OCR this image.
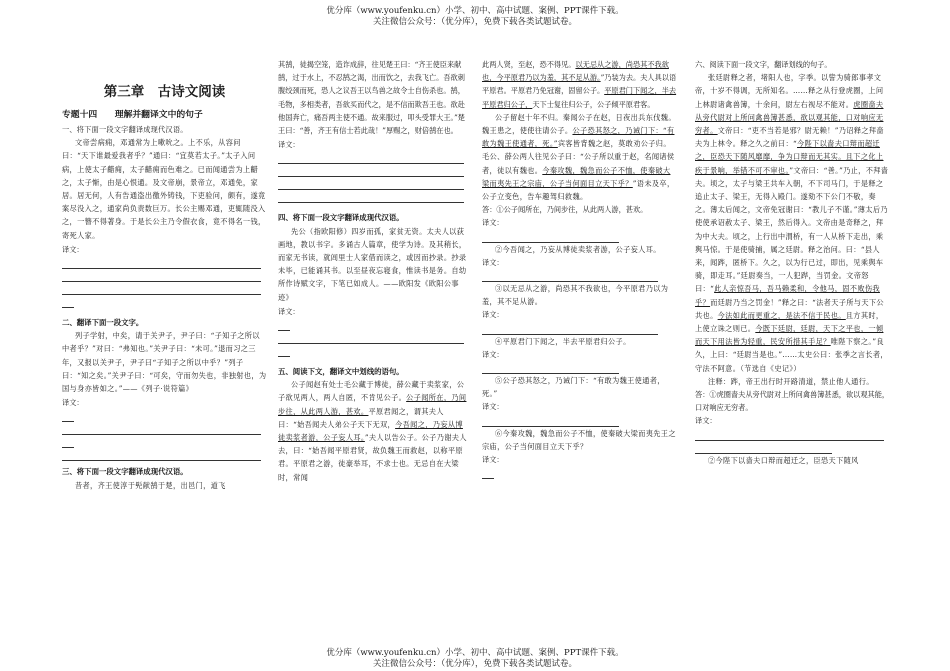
优分库（www.youfenku.cn）小学、初中、高中试题、案例、PPT课件下载。
关注微信公众号：（优分库），免费下载各类试题试卷。
第三章　古诗文阅读
专题十四　　理解并翻译文中的句子
一、将下面一段文字翻译成现代汉语。
文帝尝病痈，邓通常为上嗽吮之。上不乐，从容问曰：“天下谁最爱我者乎？”通曰：“宜莫若太子。”太子入问病，上使太子齰痈，太子齰痈而色难之。已而闻通尝为上齰之，太子惭，由是心恨通。及文帝崩，景帝立，邓通免，家居。居无何，人有告通盗出徼外铸钱，下吏验问，颇有，遂竟案尽没入之，通家尚负责数巨万。长公主赐邓通，吏辄随没入之，一簪不得著身。于是长公主乃令假衣食，竟不得名一钱，寄死人家。
译文：
二、翻译下面一段文字。
列子学射，中矣，请于关尹子，尹子曰：“子知子之所以中者乎？”对曰：“弗知也。”关尹子曰：“未可。”退而习之三年，又报以关尹子，尹子曰“子知子之所以中乎？”列子曰：“知之矣。”关尹子曰：“可矣，守而勿失也，非独射也，为国与身亦皆如之。”——《列子·说符篇》
译文：
三、将下面一段文字翻译成现代汉语。
昔者，齐王使淳于髡献鹄于楚，出邑门，道飞
其鹄，徒揭空笼，造诈成辞，往见楚王曰：“齐王使臣来献鹄，过于水上，不忍鹄之渴，出而饮之，去我飞亡。吾欲刺腹绞颈而死，恐人之议吾王以鸟兽之故令士自伤杀也。鹄，毛物，多相类者，吾欲买而代之，是不信而欺吾王也。欲赴他国奔亡，痛吾两主使不通。故来服过，叩头受罪大王。”楚王曰：“善，齐王有信士若此哉！”厚赐之，财倍鹄在也。
译文：
四、将下面一段文字翻译成现代汉语。
先公（指欧阳修）四岁而孤，家贫无资。太夫人以荻画地，教以书字。多诵古人篇章，使学为诗。及其稍长，而家无书读，就闾里士人家借而读之，或因而抄录。抄录未毕，已能诵其书。以至昼夜忘寝食，惟读书是务。自幼所作诗赋文字，下笔已如成人。——欧阳发《欧阳公事迹》
译文：
五、阅读下文，翻译文中划线的语句。
公子闻赵有处士毛公藏于博徒，薛公藏于卖浆家，公子欲见两人，两人自匿，不肯见公子。公子闻所在，乃间步往，从此两人游，甚欢。平原君闻之，谓其夫人曰：“始吾闻夫人弟公子天下无双，今吾闻之，乃妄从博徒卖浆者游，公子妄人耳。”夫人以告公子。公子乃谢夫人去，曰：“始吾闻平原君贤，故负魏王而救赵，以称平原君。平原君之游，徒豪举耳，不求士也。无忌自在大梁时，常闻
此两人贤，至赵，恐不得见。以无忌从之游，尚恐其不我欲也，今平原君乃以为羞，其不足从游。”乃装为去。夫人具以语平原君。平原君乃免冠谢，固留公子。平原君门下闻之，半去平原君归公子，天下士复往归公子，公子倾平原君客。
公子留赵十年不归。秦闻公子在赵，日夜出兵东伐魏。魏王患之，使使往请公子。公子恐其怒之，乃诫门下：“有敢为魏王使通者，死。”宾客皆背魏之赵，莫敢劝公子归。毛公、薛公两人往见公子曰：“公子所以重于赵，名闻诸侯者，徒以有魏也。今秦攻魏，魏急而公子不恤，使秦破大梁而夷先王之宗庙，公子当何面目立天下乎？”语未及卒，公子立变色，告车趣驾归救魏。
答：①公子闻所在，乃间步往，从此两人游，甚欢。
译文：
②今吾闻之，乃妄从博徒卖浆者游，公子妄人耳。
译文：
③以无忌从之游，尚恐其不我欲也，今平原君乃以为羞，其不足从游。
译文：
④平原君门下闻之，半去平原君归公子。
译文：
⑤公子恐其怒之，乃诫门下：“有敢为魏王使通者，死。”
译文：
⑥今秦攻魏，魏急而公子不恤，使秦破大梁而夷先王之宗庙，公子当何面目立天下乎？
译文：
六、阅读下面一段文字，翻译划线的句子。
张廷尉释之者，堵阳人也，字季。以訾为骑郎事孝文帝，十岁不得调，无所知名。……释之从行登虎圈，上问上林尉诸禽兽簿，十余问，尉左右视尽不能对。虎圈啬夫从旁代尉对上所问禽兽簿甚悉，欲以观其能，口对响应无穷者。文帝曰：“吏不当若是邪？尉无赖！”乃诏释之拜啬夫为上林令。释之久之前曰：“今陛下以啬夫口辩而超迁之，臣恐天下随风靡靡，争为口辩而无其实。且下之化上疾于景响，举错不可不审也。”文帝曰：“善。”乃止，不拜啬夫。顷之，太子与梁王共车入朝，不下司马门，于是释之追止太子、梁王，无得入殿门。遂劾不下公门不敬，奏之。薄太后闻之，文帝免冠谢曰：“教儿子不谨。”薄太后乃使使承诏赦太子、梁王，然后得入。文帝由是奇释之，拜为中大夫。顷之，上行出中渭桥，有一人从桥下走出，乘舆马惊。于是使骑捕，属之廷尉。释之治问。曰：“县人来，闻跸，匿桥下。久之，以为行已过，即出，见乘舆车骑，即走耳。”廷尉奏当，一人犯跸，当罚金。文帝怒曰：“此人亲惊吾马，吾马赖柔和，令他马，固不败伤我乎？而廷尉乃当之罚金！”释之曰：“法者天子所与天下公共也。今法如此而更重之，是法不信于民也。且方其时，上使立诛之则已。今既下廷尉，廷尉，天下之平也，一倾而天下用法皆为轻重，民安所措其手足？唯陛下察之。”良久，上曰：“廷尉当是也。”……太史公曰：张季之言长者，守法不阿意。（节选自《史记》）
注释：跸，帝王出行时开路清道，禁止他人通行。
答：①虎圈啬夫从旁代尉对上所问禽兽簿甚悉，欲以观其能，口对响应无穷者。
译文：
②今陛下以啬夫口辩而超迁之，臣恐天下随风
优分库（www.youfenku.cn）小学、初中、高中试题、案例、PPT课件下载。
关注微信公众号：（优分库），免费下载各类试题试卷。
